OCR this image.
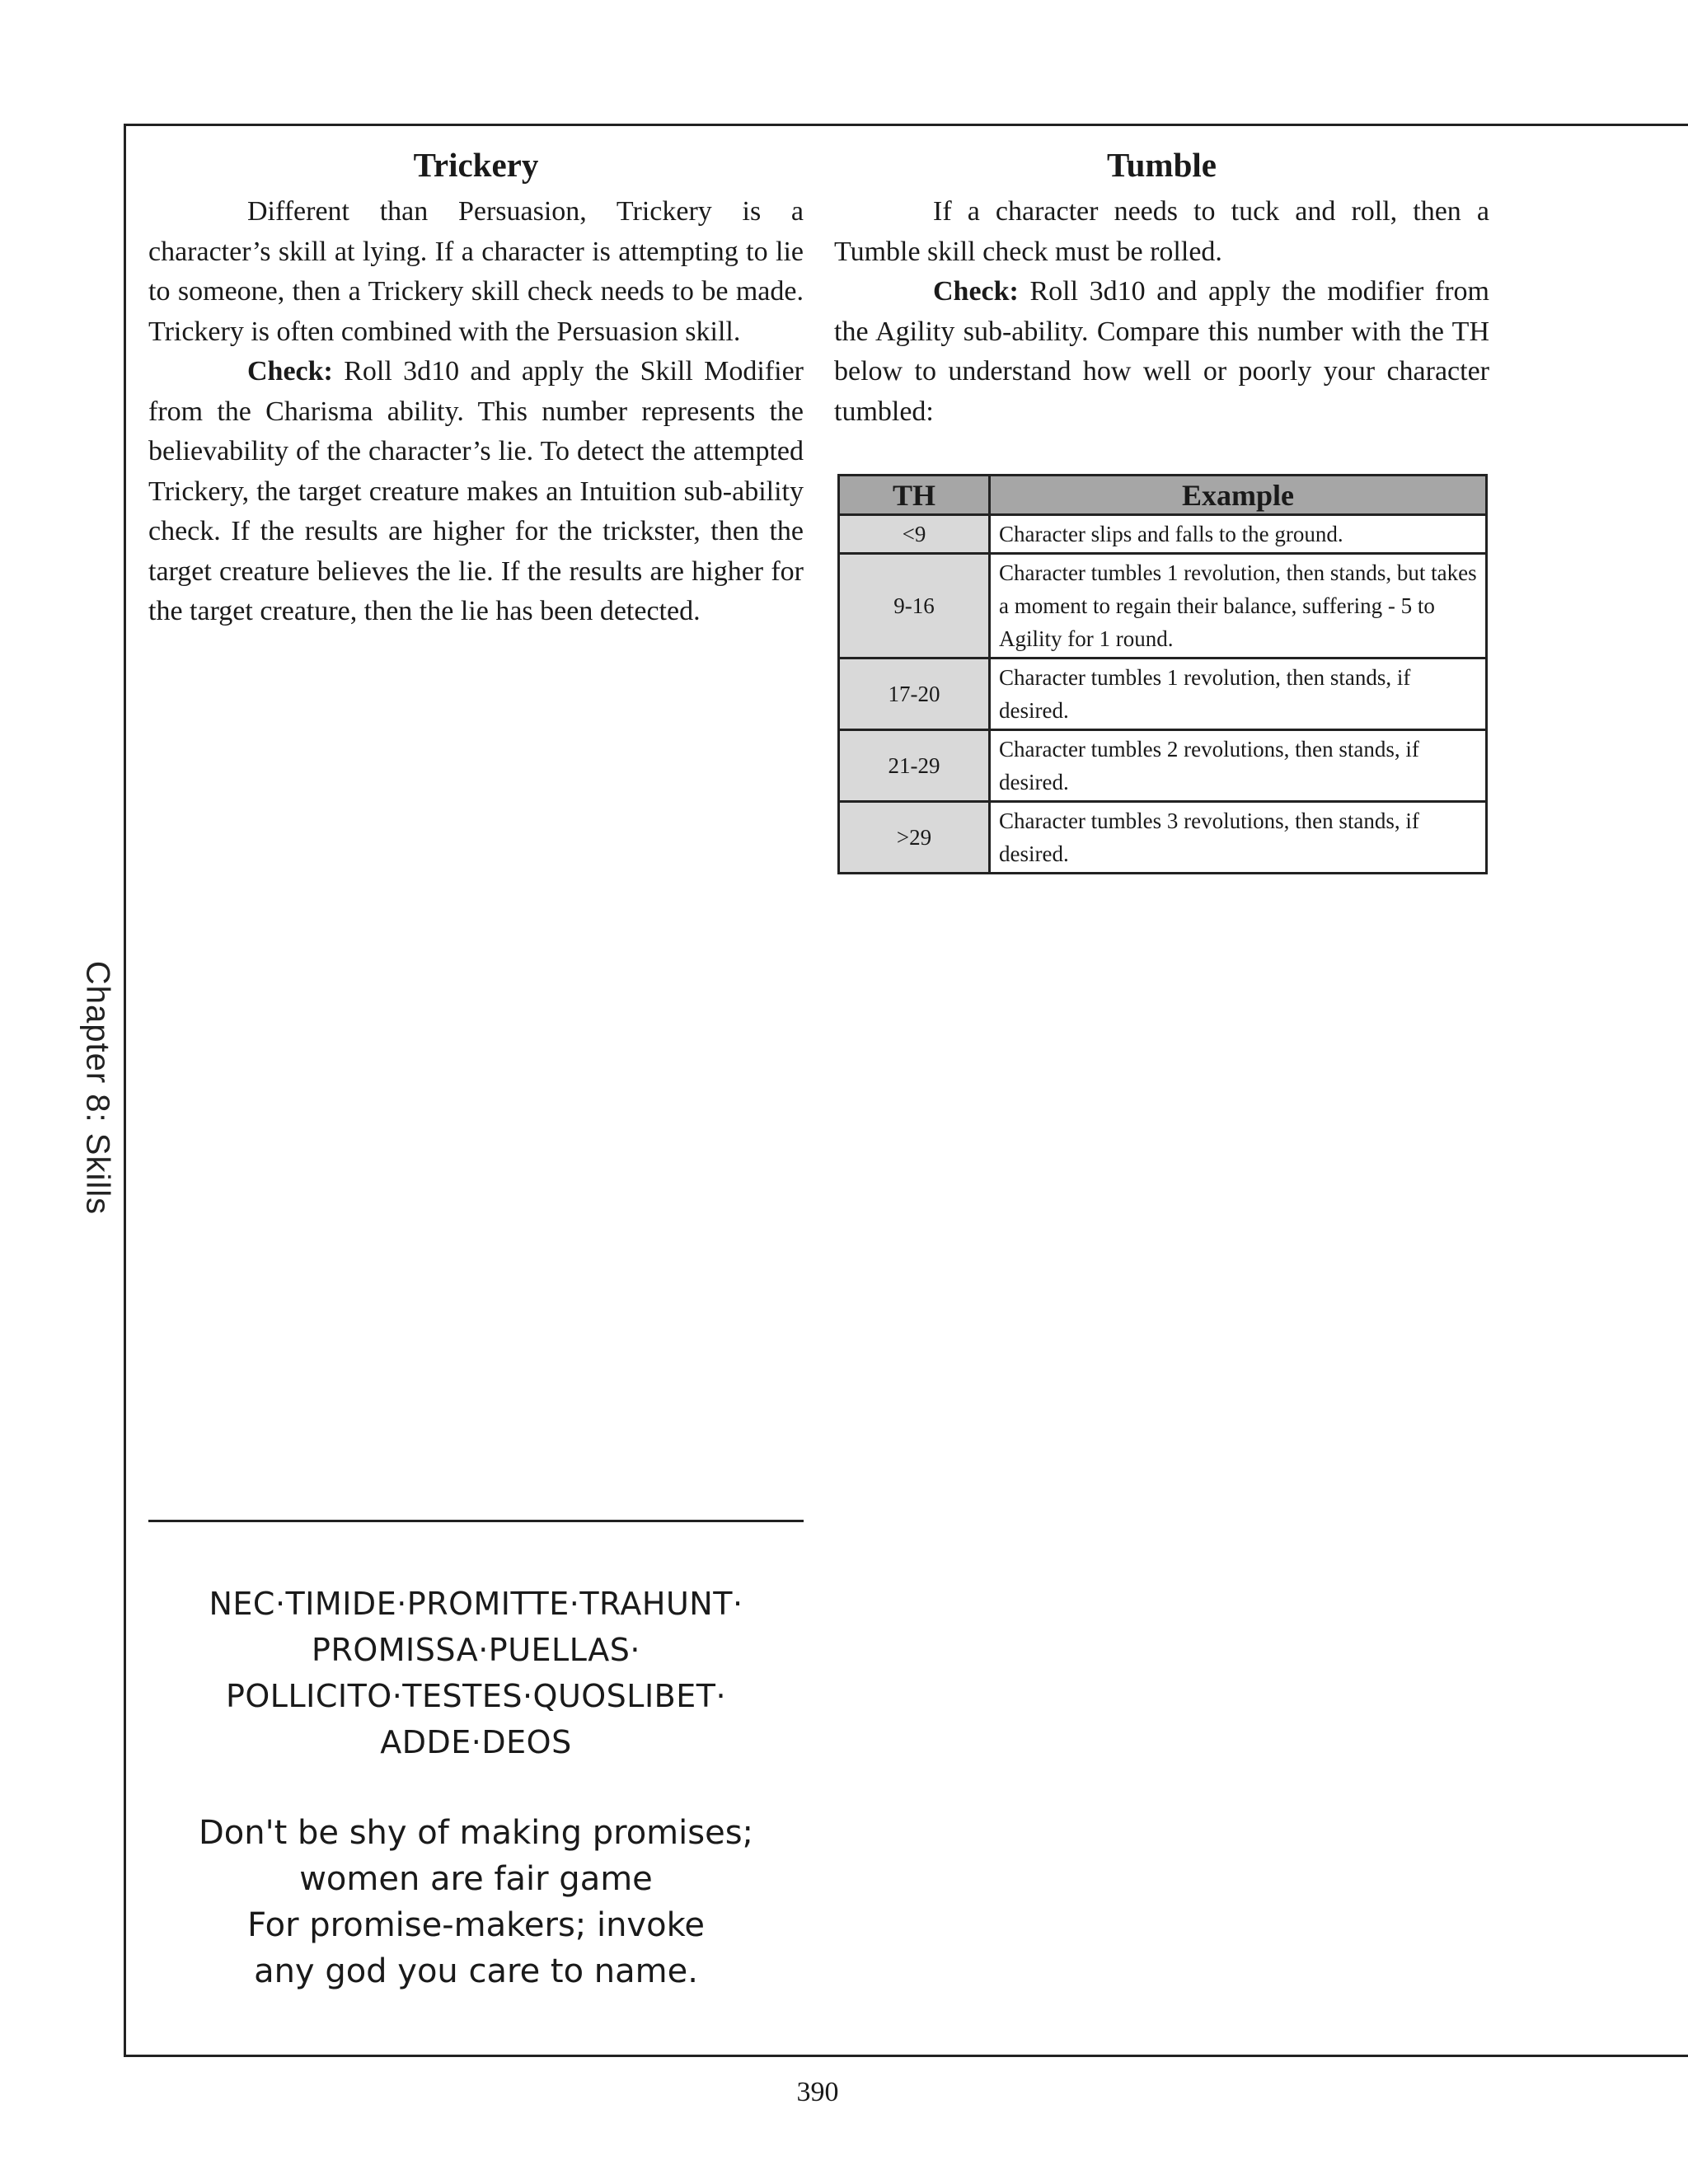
Chapter 8: Skills
Trickery

Different than Persuasion, Trickery is a character’s skill at lying. If a character is attempting to lie to someone, then a Trickery skill check needs to be made. Trickery is often combined with the Persuasion skill.

Check: Roll 3d10 and apply the Skill Modifier from the Charisma ability. This number represents the believability of the character’s lie. To detect the attempted Trickery, the target creature makes an Intuition sub-ability check. If the results are higher for the trickster, then the target creature believes the lie. If the results are higher for the target creature, then the lie has been detected.

Tumble

If a character needs to tuck and roll, then a Tumble skill check must be rolled.

Check: Roll 3d10 and apply the modifier from the Agility sub-ability. Compare this number with the TH below to understand how well or poorly your character tumbled:

TH	Example
<9	Character slips and falls to the ground.
9-16	Character tumbles 1 revolution, then stands, but takes a moment to regain their balance, suffering - 5 to Agility for 1 round.
17-20	Character tumbles 1 revolution, then stands, if desired.
21-29	Character tumbles 2 revolutions, then stands, if desired.
>29	Character tumbles 3 revolutions, then stands, if desired.
NEC·TIMIDE·PROMITTE·TRAHUNT·
PROMISSA·PUELLAS·
POLLICITO·TESTES·QUOSLIBET·
ADDE·DEOS
Don't be shy of making promises;
women are fair game
For promise-makers; invoke
any god you care to name.
390
